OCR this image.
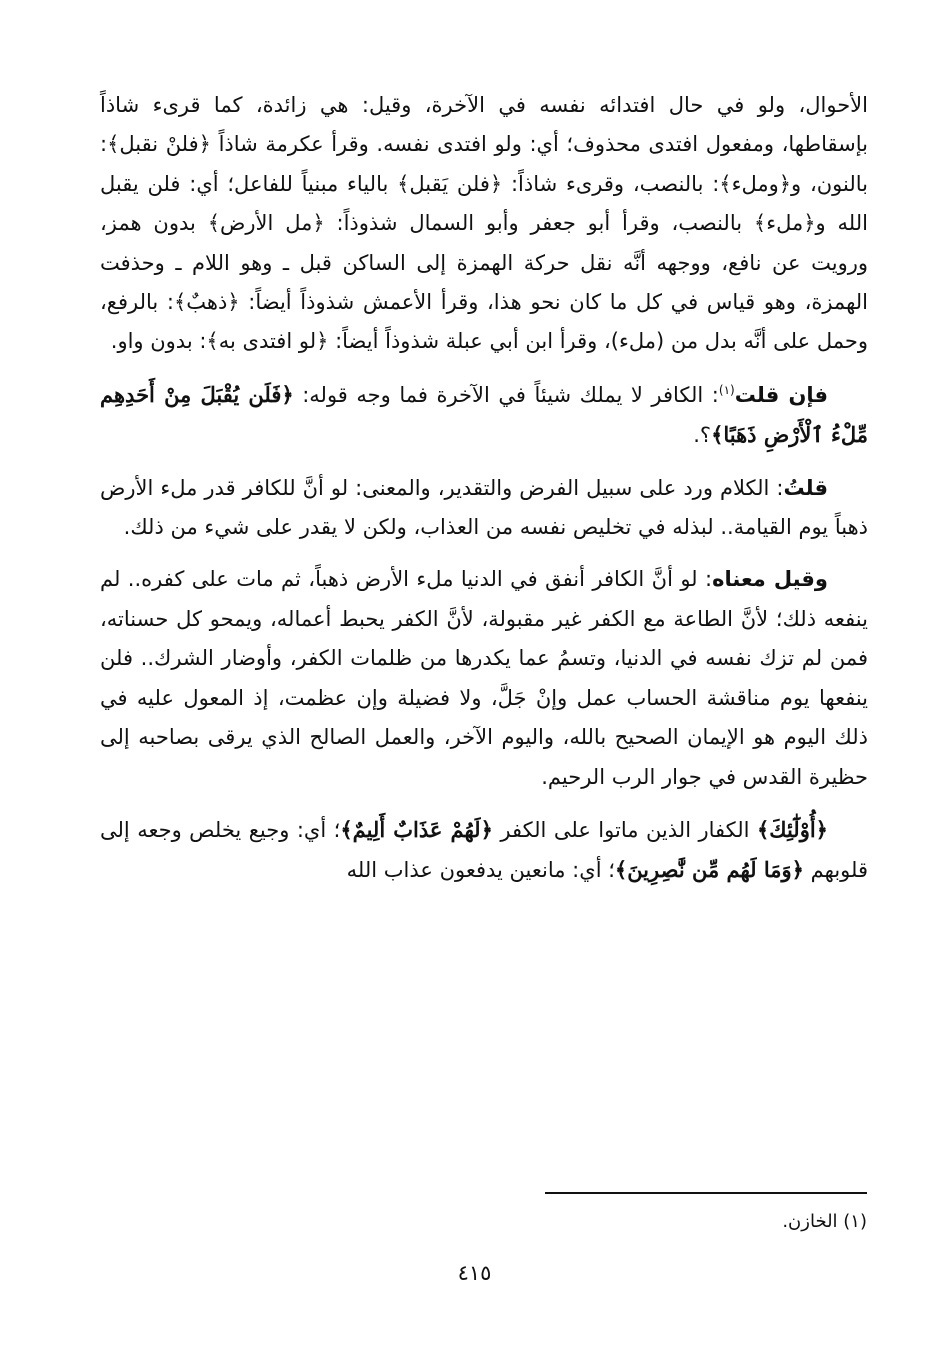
الأحوال، ولو في حال افتدائه نفسه في الآخرة، وقيل: هي زائدة، كما قرىء شاذاً بإسقاطها، ومفعول افتدى محذوف؛ أي: ولو افتدى نفسه. وقرأ عكرمة شاذاً ﴿فلنْ نقبل﴾: بالنون، و﴿وملء﴾: بالنصب، وقرىء شاذاً: ﴿فلن يَقبل﴾ بالياء مبنياً للفاعل؛ أي: فلن يقبل الله و﴿ملء﴾ بالنصب، وقرأ أبو جعفر وأبو السمال شذوذاً: ﴿مل الأرض﴾ بدون همز، ورويت عن نافع، ووجهه أنَّه نقل حركة الهمزة إلى الساكن قبل ـ وهو اللام ـ وحذفت الهمزة، وهو قياس في كل ما كان نحو هذا، وقرأ الأعمش شذوذاً أيضاً: ﴿ذهبٌ﴾: بالرفع، وحمل على أنَّه بدل من (ملء)، وقرأ ابن أبي عبلة شذوذاً أيضاً: ﴿لو افتدى به﴾: بدون واو.

فإن قلت$^{(١)}$: الكافر لا يملك شيئاً في الآخرة فما وجه قوله: ﴿فَلَن يُقْبَلَ مِنْ أَحَدِهِم مِّلْءُ ٱلْأَرْضِ ذَهَبًا﴾؟.

قلتُ: الكلام ورد على سبيل الفرض والتقدير، والمعنى: لو أنَّ للكافر قدر ملء الأرض ذهباً يوم القيامة.. لبذله في تخليص نفسه من العذاب، ولكن لا يقدر على شيء من ذلك.

وقيل معناه: لو أنَّ الكافر أنفق في الدنيا ملء الأرض ذهباً، ثم مات على كفره.. لم ينفعه ذلك؛ لأنَّ الطاعة مع الكفر غير مقبولة، لأنَّ الكفر يحبط أعماله، ويمحو كل حسناته، فمن لم تزك نفسه في الدنيا، وتسمُ عما يكدرها من ظلمات الكفر، وأوضار الشرك.. فلن ينفعها يوم مناقشة الحساب عمل وإنْ جَلَّ، ولا فضيلة وإن عظمت، إذ المعول عليه في ذلك اليوم هو الإيمان الصحيح بالله، واليوم الآخر، والعمل الصالح الذي يرقى بصاحبه إلى حظيرة القدس في جوار الرب الرحيم.

﴿أُوْلَٰٓئِكَ﴾ الكفار الذين ماتوا على الكفر ﴿لَهُمْ عَذَابٌ أَلِيمٌ﴾؛ أي: وجيع يخلص وجعه إلى قلوبهم ﴿وَمَا لَهُم مِّن نَّٰصِرِينَ﴾؛ أي: مانعين يدفعون عذاب الله

(١) الخازن.
٤١٥
